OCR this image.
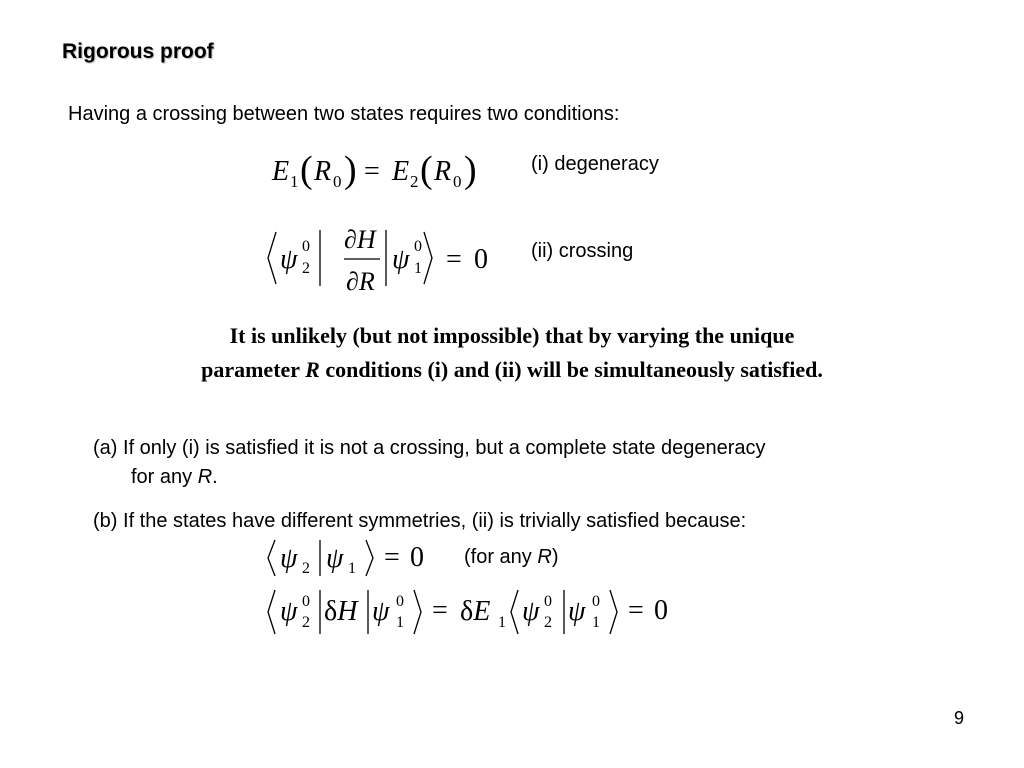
Rigorous proof
Having a crossing between two states requires two conditions:
E 1 ( R 0 ) = E 2 ( R 0 )	(i) degeneracy
ψ 0
2
∂H
∂R
ψ 0
1 = 0 (ii) crossing
It is unlikely (but not impossible) that by varying the unique
parameter R conditions (i) and (ii) will be simultaneously satisfied.
(a) If only (i) is satisfied it is not a crossing, but a complete state degeneracy
for any R.
(b) If the states have different symmetries, (ii) is trivially satisfied because:
ψ 2 ψ 1 = 0 (for any R)
ψ 0
2 δH ψ 0
1 = δE 1 ψ 0
2 ψ 0
1 = 0
9
